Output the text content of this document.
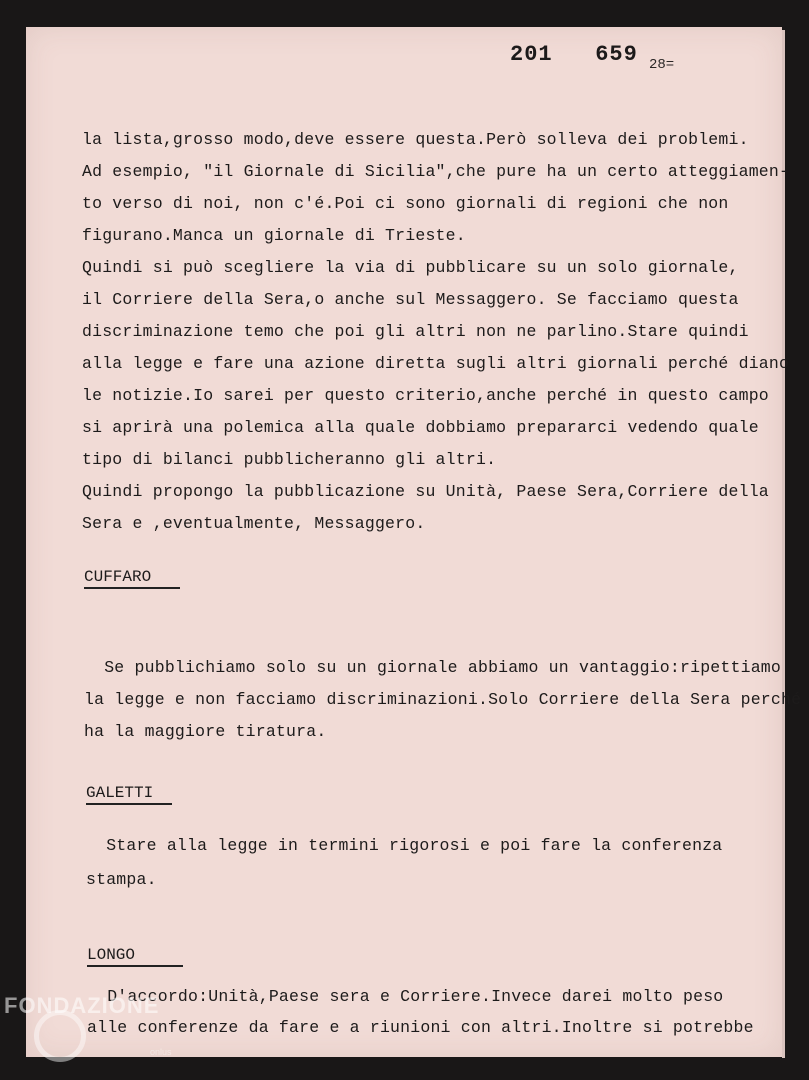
201   659 28=
la lista,grosso modo,deve essere questa.Però solleva dei problemi.
Ad esempio, "il Giornale di Sicilia",che pure ha un certo atteggiamen-
to verso di noi, non c'é.Poi ci sono giornali di regioni che non
figurano.Manca un giornale di Trieste.
Quindi si può scegliere la via di pubblicare su un solo giornale,
il Corriere della Sera,o anche sul Messaggero. Se facciamo questa
discriminazione temo che poi gli altri non ne parlino.Stare quindi
alla legge e fare una azione diretta sugli altri giornali perché diano
le notizie.Io sarei per questo criterio,anche perché in questo campo
si aprirà una polemica alla quale dobbiamo prepararci vedendo quale
tipo di bilanci pubblicheranno gli altri.
Quindi propongo la pubblicazione su Unità, Paese Sera,Corriere della
Sera e ,eventualmente, Messaggero.
CUFFARO
Se pubblichiamo solo su un giornale abbiamo un vantaggio:ripettiamo
la legge e non facciamo discriminazioni.Solo Corriere della Sera perché
ha la maggiore tiratura.
GALETTI
Stare alla legge in termini rigorosi e poi fare la conferenza
stampa.
LONGO
D'accordo:Unità,Paese sera e Corriere.Invece darei molto peso
alle conferenze da fare e a riunioni con altri.Inoltre si potrebbe
FONDAZIONE
onlus
